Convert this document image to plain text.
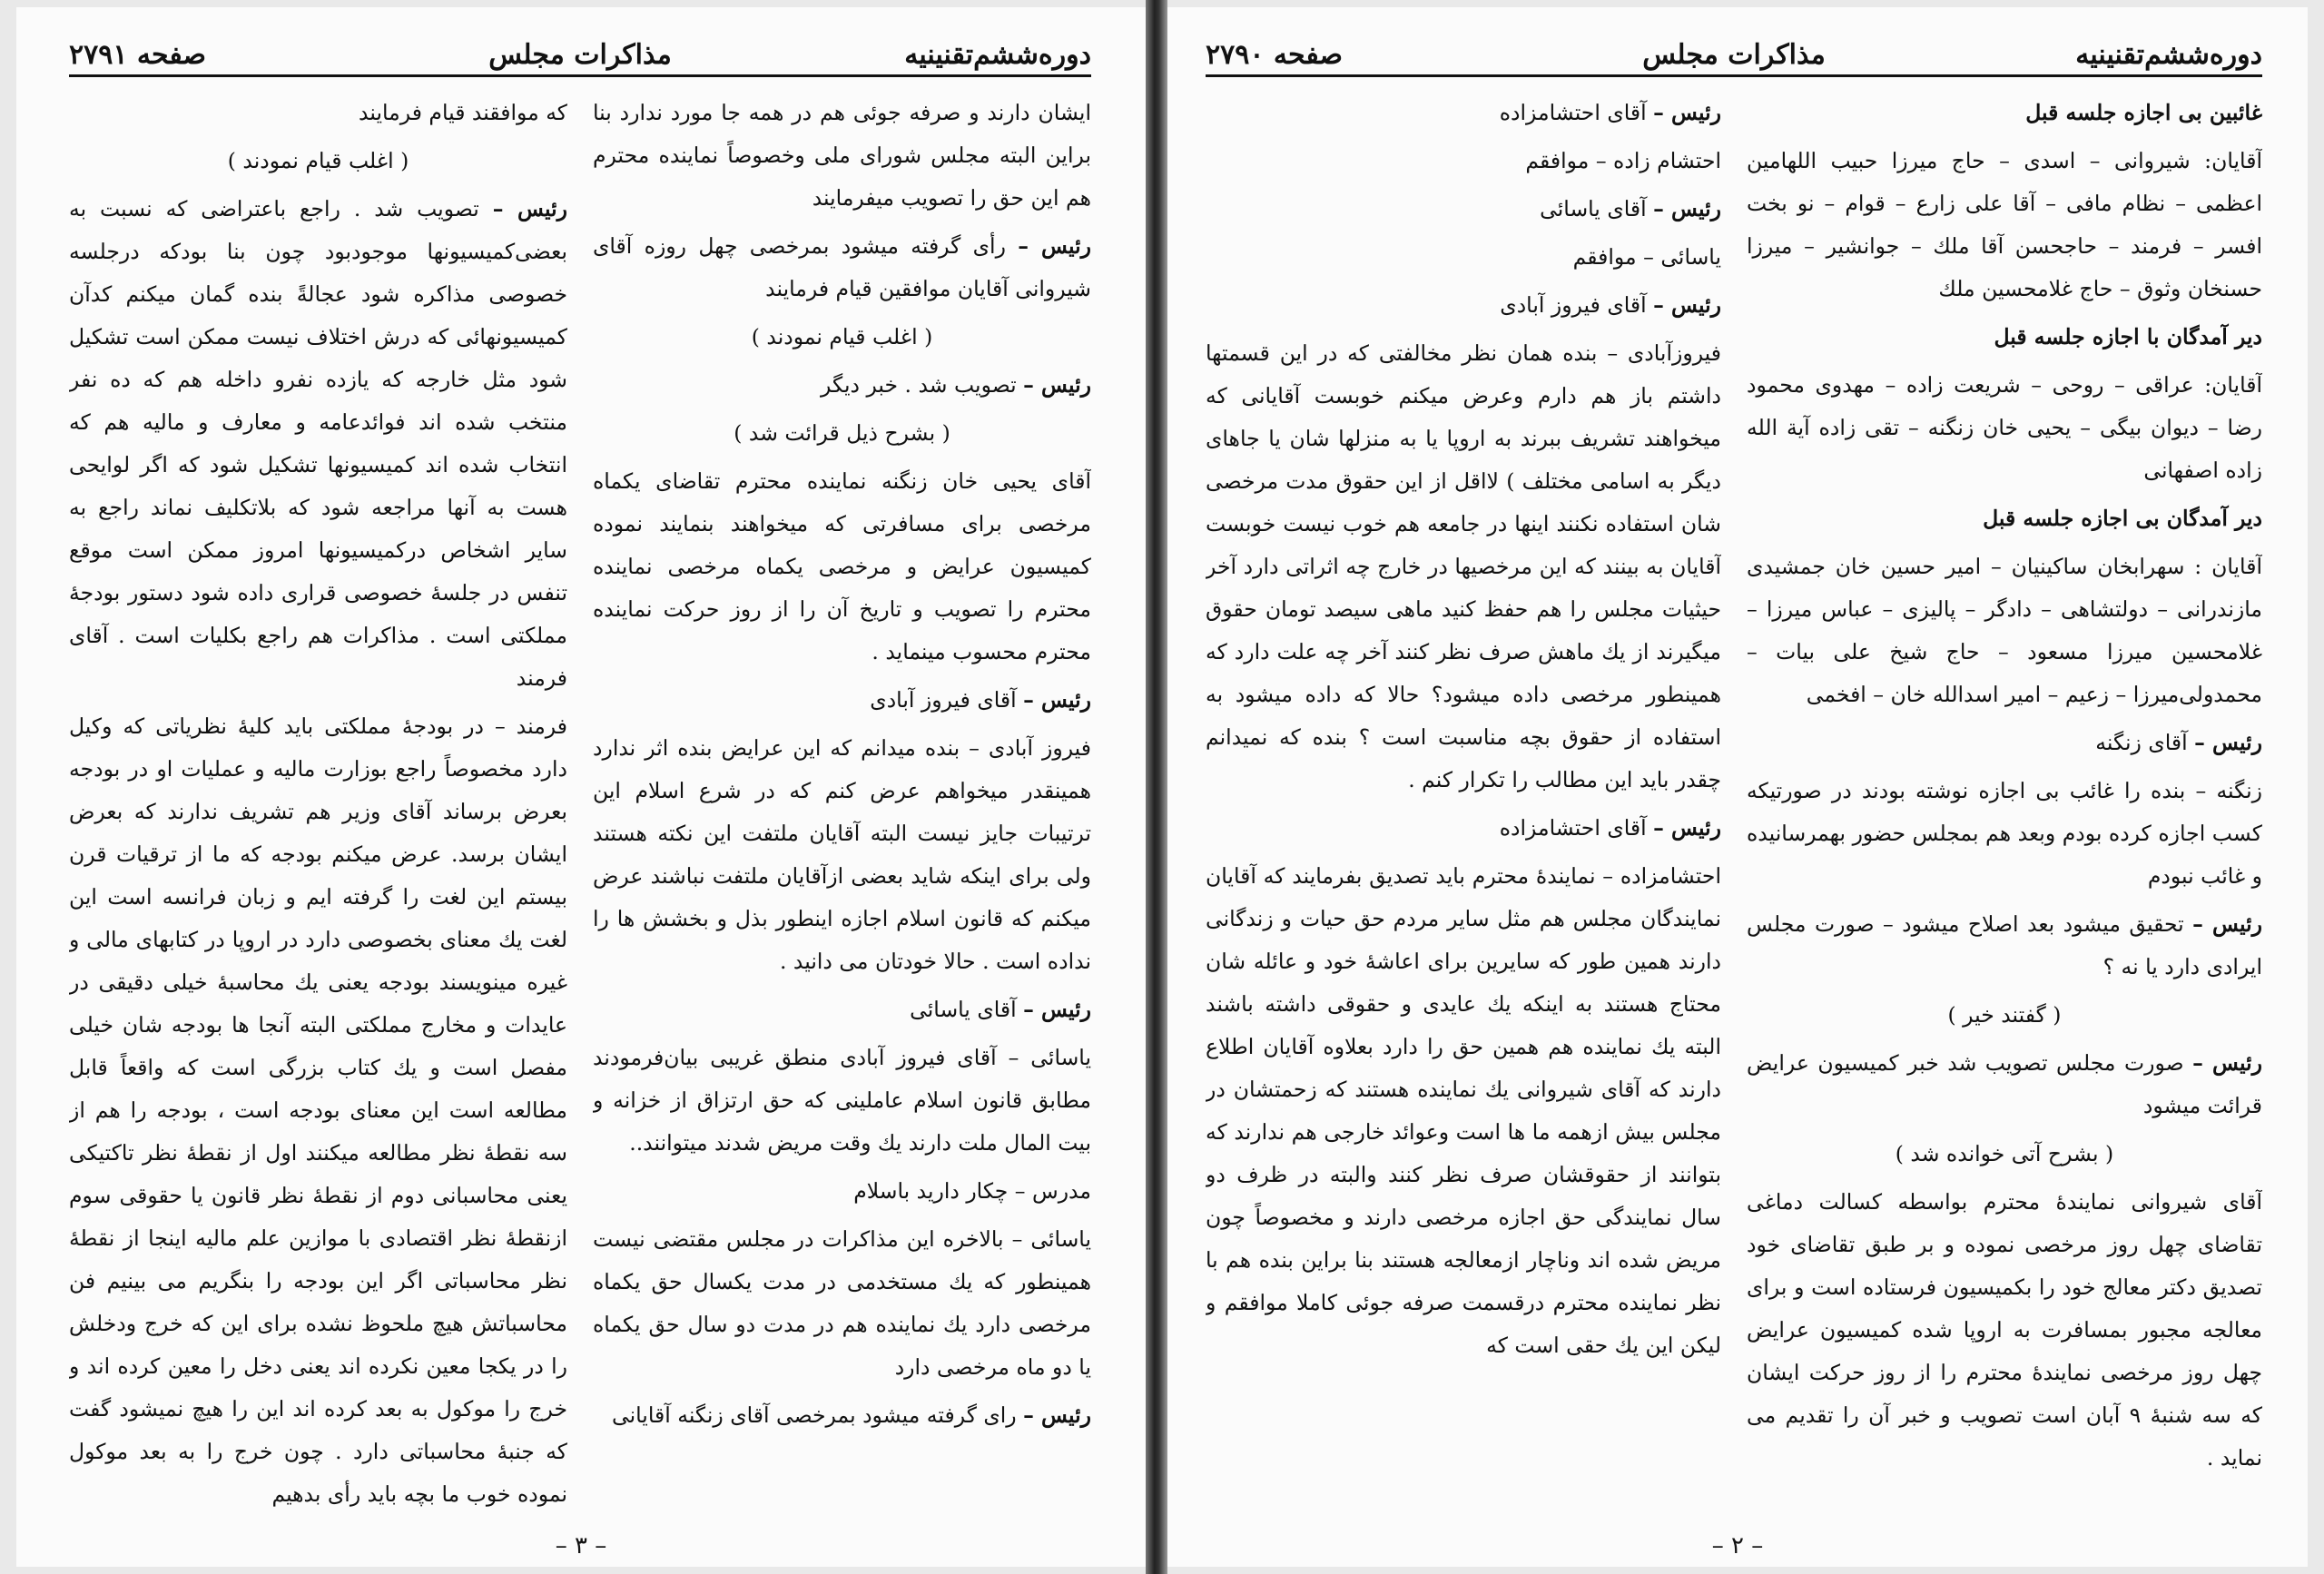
دوره‌ششم‌تقنینیه
مذاکرات مجلس
صفحه ۲۷۹۱

ایشان دارند و صرفه جوئی هم در همه جا مورد ندارد بنا براین البته مجلس شورای ملی وخصوصاً نماینده محترم هم این حق را تصویب میفرمایند

رئیس – رأی گرفته میشود بمرخصی چهل روزه آقای شیروانی آقایان موافقین قیام فرمایند

( اغلب قیام نمودند )

رئیس – تصویب شد . خبر دیگر

( بشرح ذیل قرائت شد )

آقای یحیی خان زنگنه نماینده محترم تقاضای یکماه مرخصی برای مسافرتی که میخواهند بنمایند نموده کمیسیون عرایض و مرخصی یکماه مرخصی نماینده محترم را تصویب و تاریخ آن را از روز حرکت نماینده محترم محسوب مینماید .

رئیس – آقای فیروز آبادی

فیروز آبادی – بنده میدانم که این عرایض بنده اثر ندارد همینقدر میخواهم عرض کنم که در شرع اسلام این ترتیبات جایز نیست البته آقایان ملتفت این نکته هستند ولی برای اینکه شاید بعضی ازآقایان ملتفت نباشند عرض میکنم که قانون اسلام اجازه اینطور بذل و بخشش ها را نداده است . حالا خودتان می دانید .

رئیس – آقای یاسائی

یاسائی – آقای فیروز آبادی منطق غریبی بیان‌فرمودند مطابق قانون اسلام عاملینی که حق ارتزاق از خزانه و بیت المال ملت دارند یك وقت مریض شدند میتوانند..

مدرس – چکار داريد باسلام

یاسائی – بالاخره این مذاکرات در مجلس مقتضی نیست همینطور که یك مستخدمی در مدت یکسال حق یکماه مرخصی دارد یك نماینده هم در مدت دو سال حق یکماه یا دو ماه مرخصی دارد

رئیس – رای گرفته میشود بمرخصی آقای زنگنه آقایانی

که موافقند قیام فرمایند

( اغلب قیام نمودند )

رئیس – تصویب شد . راجع باعتراضی که نسبت به بعضی‌کمیسیونها موجودبود چون بنا بودکه درجلسه خصوصی مذاکره شود عجالةً بنده گمان میکنم کدآن کمیسیونهائی که درش اختلاف نیست ممکن است تشکیل شود مثل خارجه که یازده نفرو داخله هم که ده نفر منتخب شده اند فوائدعامه و معارف و مالیه هم که انتخاب شده اند کمیسیونها تشکیل شود که اگر لوایحی هست به آنها مراجعه شود که بلاتکلیف نماند راجع به سایر اشخاص درکمیسیونها امروز ممکن است موقع تنفس در جلسهٔ خصوصی قراری داده شود دستور بودجهٔ مملکتی است . مذاکرات هم راجع بکلیات است . آقای فرمند

فرمند – در بودجهٔ مملکتی باید کلیهٔ نظریاتی که وکیل دارد مخصوصاً راجع بوزارت مالیه و عملیات او در بودجه بعرض برساند آقای وزیر هم تشریف ندارند که بعرض ایشان برسد. عرض میکنم بودجه که ما از ترقیات قرن بیستم این لغت را گرفته ایم و زبان فرانسه است این لغت یك معنای بخصوصی دارد در اروپا در کتابهای مالی و غیره مینویسند بودجه یعنی یك محاسبهٔ خیلی دقیقی در عایدات و مخارج مملکتی البته آنجا ها بودجه شان خیلی مفصل است و یك کتاب بزرگی است که واقعاً قابل مطالعه است این معنای بودجه است ، بودجه را هم از سه نقطهٔ نظر مطالعه میکنند اول از نقطهٔ نظر تاکتیکی یعنی محاسبانی دوم از نقطهٔ نظر قانون یا حقوقی سوم ازنقطهٔ نظر اقتصادی با موازین علم مالیه اینجا از نقطهٔ نظر محاسباتی اگر این بودجه را بنگریم می بینیم فن محاسباتش هیچ ملحوظ نشده برای این که خرج ودخلش را در یکجا معین نکرده اند یعنی دخل را معین کرده اند و خرج را موکول به بعد کرده اند این را هیچ نمیشود گفت که جنبهٔ محاسباتی دارد . چون خرج را به بعد موکول نموده خوب ما بچه باید رأی بدهیم

– ۳ –
دوره‌ششم‌تقنینیه
مذاکرات مجلس
صفحه ۲۷۹۰

غائبین بی اجازه جلسه قبل

آقایان: شیروانی – اسدی – حاج میرزا حبیب اللهامین اعظمی – نظام مافی – آقا علی زارع – قوام – نو بخت افسر – فرمند – حاجحسن آقا ملك – جوانشیر – میرزا حسنخان وثوق – حاج غلامحسین ملك

دیر آمدگان با اجازه جلسه قبل

آقایان: عراقی – روحی – شریعت زاده – مهدوی محمود رضا – دیوان بیگی – یحیی خان زنگنه – تقی زاده آیة الله زاده اصفهانی

دیر آمدگان بی اجازه جلسه قبل

آقایان : سهرابخان ساکینیان – امیر حسین خان جمشیدی مازندرانی – دولتشاهی – دادگر – پالیزی – عباس میرزا – غلامحسین میرزا مسعود – حاج شیخ علی بیات – محمدولی‌میرزا – زعیم – امیر اسدالله خان – افخمی

رئیس – آقای زنگنه

زنگنه – بنده را غائب بی اجازه نوشته بودند در صورتیکه کسب اجازه کرده بودم وبعد هم بمجلس حضور بهمرسانیده و غائب نبودم

رئیس – تحقیق میشود بعد اصلاح میشود – صورت مجلس ایرادی دارد یا نه ؟

( گفتند خیر )

رئیس – صورت مجلس تصویب شد خبر کمیسیون عرایض قرائت میشود

( بشرح آتی خوانده شد )

آقای شیروانی نمایندهٔ محترم بواسطه کسالت دماغی تقاضای چهل روز مرخصی نموده و بر طبق تقاضای خود تصدیق دکتر معالج خود را بکمیسیون فرستاده است و برای معالجه مجبور بمسافرت به اروپا شده کمیسیون عرایض چهل روز مرخصی نمایندهٔ محترم را از روز حرکت ایشان که سه شنبهٔ ۹ آبان است تصویب و خبر آن را تقدیم می نماید .

رئیس – آقای احتشامزاده

احتشام زاده – موافقم

رئیس – آقای یاسائی

یاسائی – موافقم

رئیس – آقای فیروز آبادی

فیروزآبادی – بنده همان نظر مخالفتی که در این قسمتها داشتم باز هم دارم وعرض میکنم خوبست آقایانی که میخواهند تشریف ببرند به اروپا یا به منزلها شان یا جاهای دیگر به اسامی مختلف ) لااقل از این حقوق مدت مرخصی شان استفاده نکنند اینها در جامعه هم خوب نیست خوبست آقایان به بینند که این مرخصیها در خارج چه اثراتی دارد آخر حیثیات مجلس را هم حفظ کنید ماهی سیصد تومان حقوق میگیرند از یك ماهش صرف نظر کنند آخر چه علت دارد که همینطور مرخصی داده میشود؟ حالا که داده میشود به استفاده از حقوق بچه مناسبت است ؟ بنده که نمیدانم چقدر باید این مطالب را تکرار کنم .

رئیس – آقای احتشامزاده

احتشامزاده – نمایندهٔ محترم باید تصدیق بفرمایند که آقایان نمایندگان مجلس هم مثل سایر مردم حق حیات و زندگانی دارند همین طور که سایرین برای اعاشهٔ خود و عائله شان محتاج هستند به اینکه یك عایدی و حقوقی داشته باشند البته یك نماینده هم همین حق را دارد بعلاوه آقایان اطلاع دارند که آقای شیروانی یك نماینده هستند که زحمتشان در مجلس بیش ازهمه ما ها است وعوائد خارجی هم ندارند که بتوانند از حقوقشان صرف نظر کنند والبته در ظرف دو سال نمایندگی حق اجازه مرخصی دارند و مخصوصاً چون مریض شده اند وناچار ازمعالجه هستند بنا براین بنده هم با نظر نماینده محترم درقسمت صرفه جوئی کاملا موافقم و لیکن این یك حقی است که

– ۲ –
